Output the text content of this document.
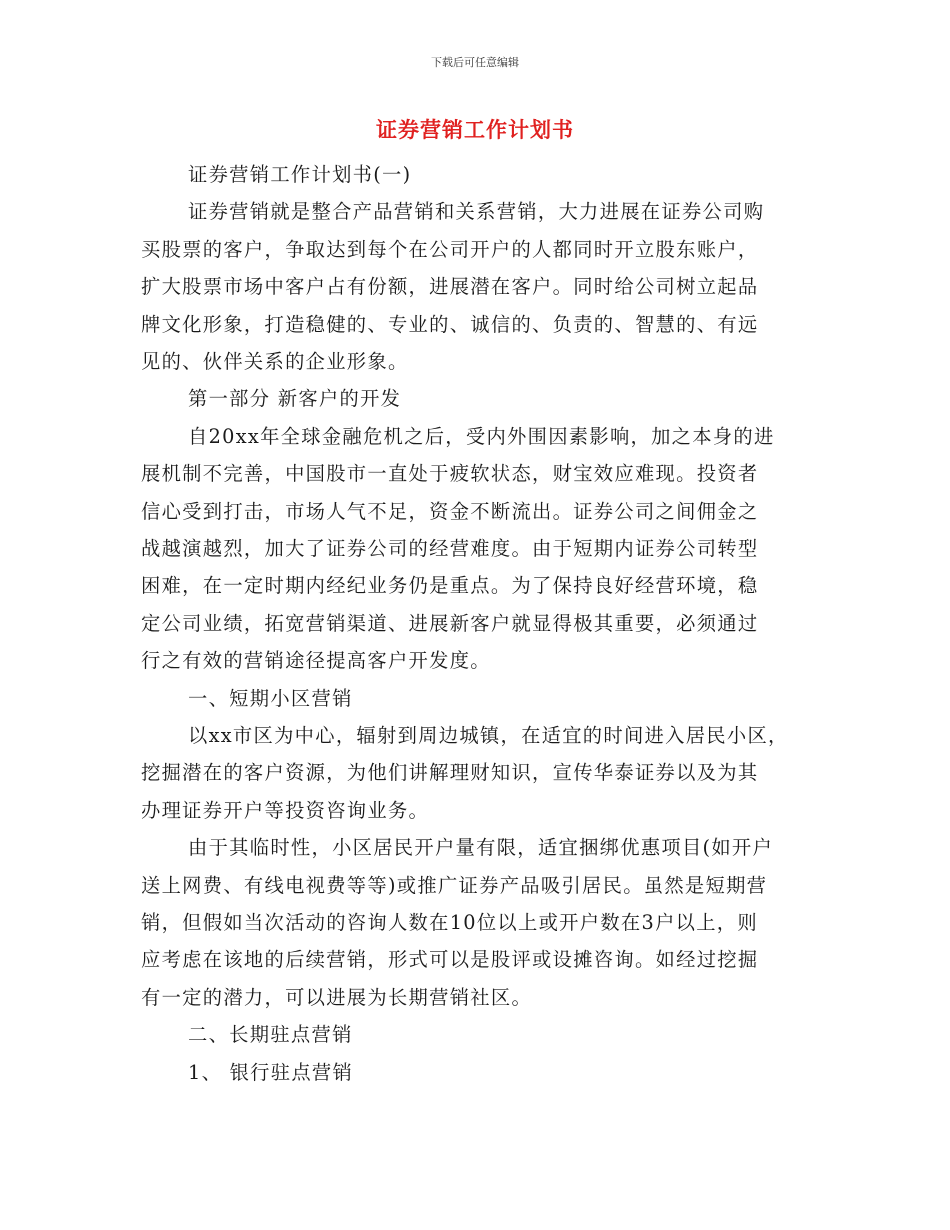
下载后可任意编辑
证券营销工作计划书
证券营销工作计划书(一)
证券营销就是整合产品营销和关系营销，大力进展在证券公司购
买股票的客户，争取达到每个在公司开户的人都同时开立股东账户，
扩大股票市场中客户占有份额，进展潜在客户。同时给公司树立起品
牌文化形象，打造稳健的、专业的、诚信的、负责的、智慧的、有远
见的、伙伴关系的企业形象。
第一部分 新客户的开发
自20xx年全球金融危机之后，受内外围因素影响，加之本身的进
展机制不完善，中国股市一直处于疲软状态，财宝效应难现。投资者
信心受到打击，市场人气不足，资金不断流出。证券公司之间佣金之
战越演越烈，加大了证券公司的经营难度。由于短期内证券公司转型
困难，在一定时期内经纪业务仍是重点。为了保持良好经营环境，稳
定公司业绩，拓宽营销渠道、进展新客户就显得极其重要，必须通过
行之有效的营销途径提高客户开发度。
一、短期小区营销
以xx市区为中心，辐射到周边城镇，在适宜的时间进入居民小区，
挖掘潜在的客户资源，为他们讲解理财知识，宣传华泰证券以及为其
办理证券开户等投资咨询业务。
由于其临时性，小区居民开户量有限，适宜捆绑优惠项目(如开户
送上网费、有线电视费等等)或推广证券产品吸引居民。虽然是短期营
销，但假如当次活动的咨询人数在10位以上或开户数在3户以上，则
应考虑在该地的后续营销，形式可以是股评或设摊咨询。如经过挖掘
有一定的潜力，可以进展为长期营销社区。
二、长期驻点营销
1、 银行驻点营销
